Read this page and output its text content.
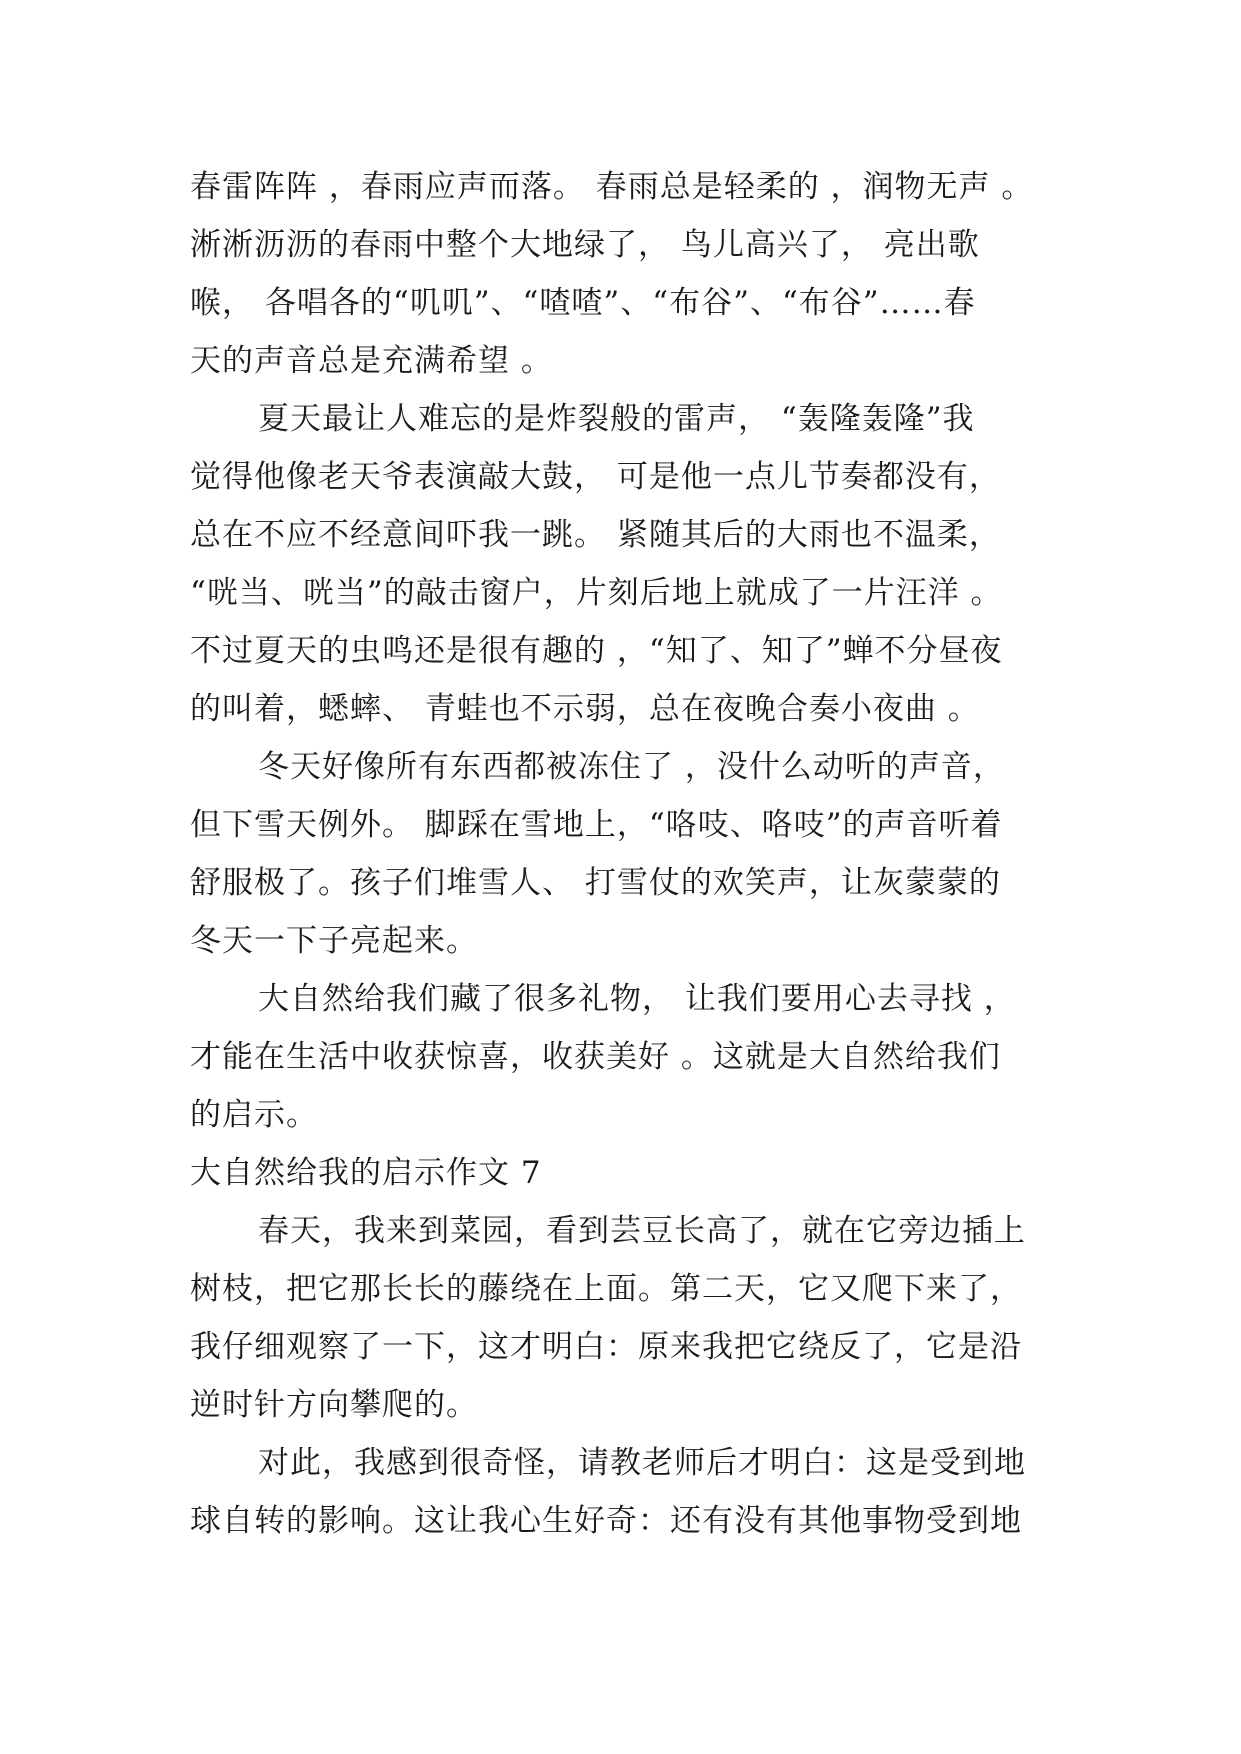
春雷阵阵 ，春雨应声而落。 春雨总是轻柔的 ，润物无声 。
淅淅沥沥的春雨中整个大地绿了， 鸟儿高兴了， 亮出歌
喉， 各唱各的“叽叽”、“喳喳”、“布谷”、“布谷”……春
天的声音总是充满希望 。
夏天最让人难忘的是炸裂般的雷声， “轰隆轰隆”我
觉得他像老天爷表演敲大鼓， 可是他一点儿节奏都没有，
总在不应不经意间吓我一跳。 紧随其后的大雨也不温柔，
“咣当、咣当”的敲击窗户，片刻后地上就成了一片汪洋 。
不过夏天的虫鸣还是很有趣的 ，“知了、知了”蝉不分昼夜
的叫着，蟋蟀、 青蛙也不示弱，总在夜晚合奏小夜曲 。
冬天好像所有东西都被冻住了 ，没什么动听的声音，
但下雪天例外。 脚踩在雪地上，“咯吱、咯吱”的声音听着
舒服极了。孩子们堆雪人、 打雪仗的欢笑声，让灰蒙蒙的
冬天一下子亮起来。
大自然给我们藏了很多礼物， 让我们要用心去寻找 ，
才能在生活中收获惊喜，收获美好 。这就是大自然给我们
的启示。
大自然给我的启示作文 7
春天，我来到菜园，看到芸豆长高了，就在它旁边插上
树枝，把它那长长的藤绕在上面。第二天，它又爬下来了，
我仔细观察了一下，这才明白：原来我把它绕反了，它是沿
逆时针方向攀爬的。
对此，我感到很奇怪，请教老师后才明白：这是受到地
球自转的影响。这让我心生好奇：还有没有其他事物受到地
